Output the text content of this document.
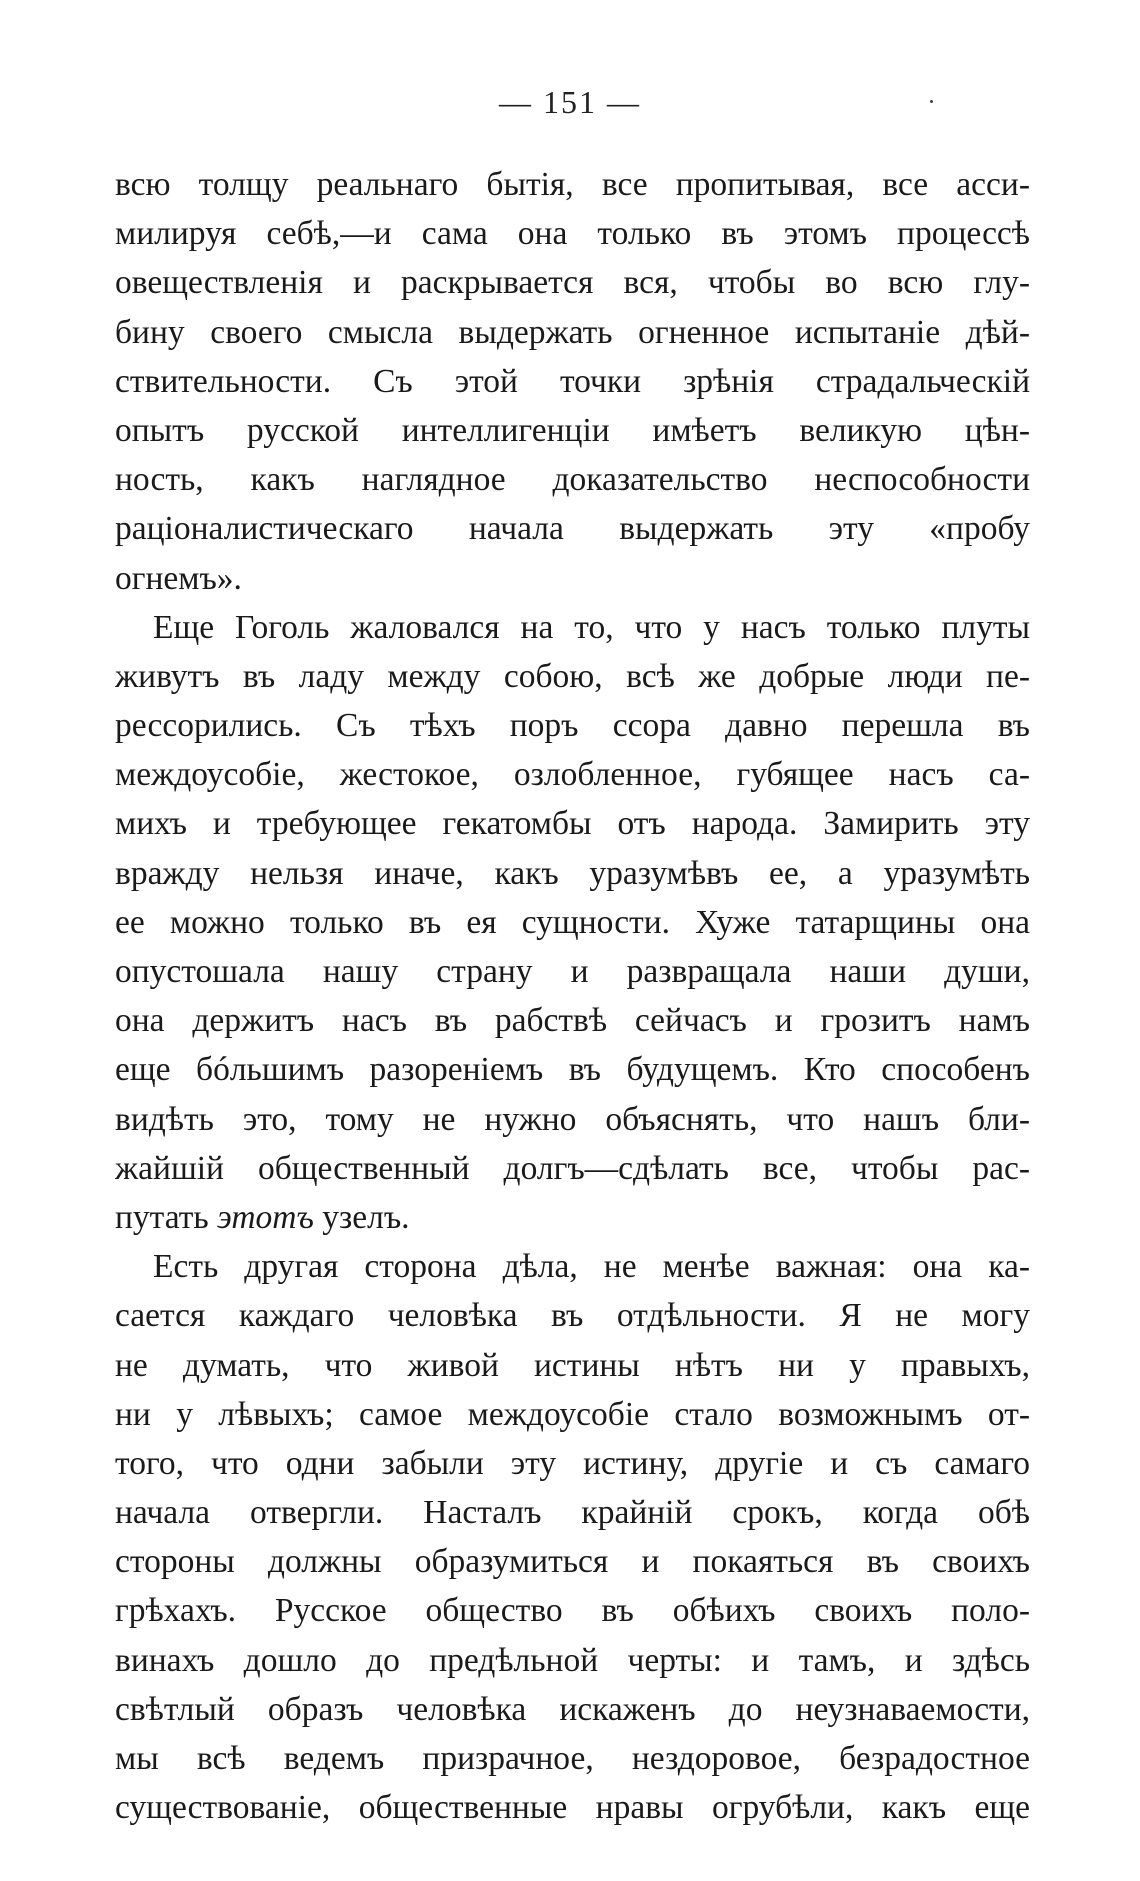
— 151 —
всю толщу реальнаго бытія, все пропитывая, все асси-
милируя себѣ,—и сама она только въ этомъ процессѣ
овеществленія и раскрывается вся, чтобы во всю глу-
бину своего смысла выдержать огненное испытаніе дѣй-
ствительности. Съ этой точки зрѣнія страдальческій
опытъ русской интеллигенціи имѣетъ великую цѣн-
ность, какъ наглядное доказательство неспособности
раціоналистическаго начала выдержать эту «пробу
огнемъ».
Еще Гоголь жаловался на то, что у насъ только плуты
живутъ въ ладу между собою, всѣ же добрые люди пе-
рессорились. Съ тѣхъ поръ ссора давно перешла въ
междоусобіе, жестокое, озлобленное, губящее насъ са-
михъ и требующее гекатомбы отъ народа. Замирить эту
вражду нельзя иначе, какъ уразумѣвъ ее, а уразумѣть
ее можно только въ ея сущности. Хуже татарщины она
опустошала нашу страну и развращала наши души,
она держитъ насъ въ рабствѣ сейчасъ и грозитъ намъ
еще бóльшимъ разореніемъ въ будущемъ. Кто способенъ
видѣть это, тому не нужно объяснять, что нашъ бли-
жайшій общественный долгъ—сдѣлать все, чтобы рас-
путать этотъ узелъ.
Есть другая сторона дѣла, не менѣе важная: она ка-
сается каждаго человѣка въ отдѣльности. Я не могу
не думать, что живой истины нѣтъ ни у правыхъ,
ни у лѣвыхъ; самое междоусобіе стало возможнымъ от-
того, что одни забыли эту истину, другіе и съ самаго
начала отвергли. Насталъ крайній срокъ, когда обѣ
стороны должны образумиться и покаяться въ своихъ
грѣхахъ. Русское общество въ обѣихъ своихъ поло-
винахъ дошло до предѣльной черты: и тамъ, и здѣсь
свѣтлый образъ человѣка искаженъ до неузнаваемости,
мы всѣ ведемъ призрачное, нездоровое, безрадостное
существованіе, общественные нравы огрубѣли, какъ еще
